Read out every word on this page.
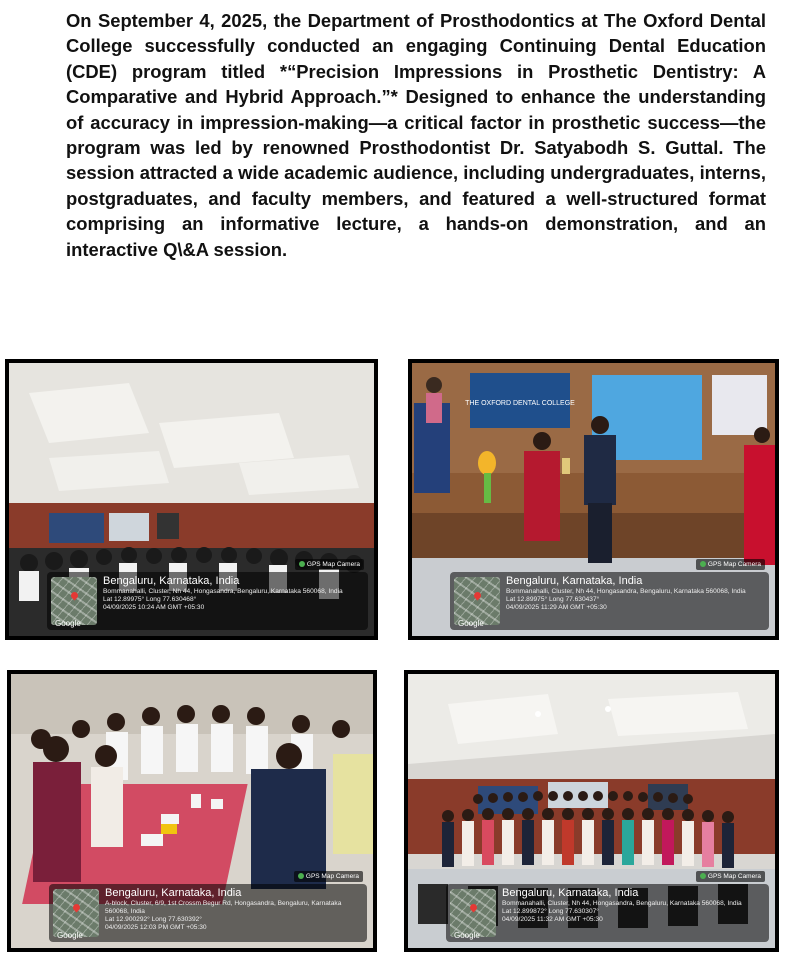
On September 4, 2025, the Department of Prosthodontics at The Oxford Dental College successfully conducted an engaging Continuing Dental Education (CDE) program titled *“Precision Impressions in Prosthetic Dentistry: A Comparative and Hybrid Approach.”* Designed to enhance the understanding of accuracy in impression-making—a critical factor in prosthetic success—the program was led by renowned Prosthodontist Dr. Satyabodh S. Guttal. The session attracted a wide academic audience, including undergraduates, interns, postgraduates, and faculty members, and featured a well-structured format comprising an informative lecture, a hands-on demonstration, and an interactive Q\&A session.

GPS Map Camera
Google
Bengaluru, Karnataka, India
Bommanahalli, Cluster, Nh 44, Hongasandra, Bengaluru, Karnataka 560068, India
Lat 12.89975° Long 77.630468°
04/09/2025 10:24 AM GMT +05:30
THE OXFORD DENTAL COLLEGE
GPS Map Camera
Google
Bengaluru, Karnataka, India
Bommanahalli, Cluster, Nh 44, Hongasandra, Bengaluru, Karnataka 560068, India
Lat 12.89975° Long 77.630437°
04/09/2025 11:29 AM GMT +05:30
GPS Map Camera
Google
Bengaluru, Karnataka, India
A-block, Cluster, 6/9, 1st Crossm Begur Rd, Hongasandra, Bengaluru, Karnataka 560068, India
Lat 12.900292° Long 77.630392°
04/09/2025 12:03 PM GMT +05:30
GPS Map Camera
Google
Bengaluru, Karnataka, India
Bommanahalli, Cluster, Nh 44, Hongasandra, Bengaluru, Karnataka 560068, India
Lat 12.899872° Long 77.630307°
04/09/2025 11:32 AM GMT +05:30
